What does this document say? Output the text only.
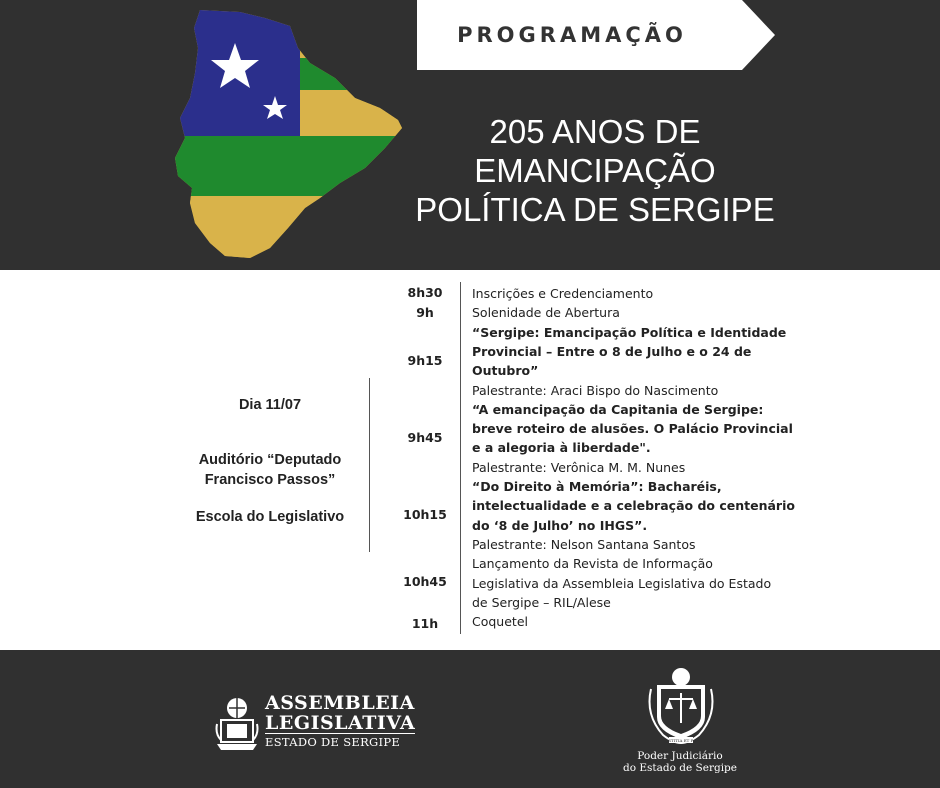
PROGRAMAÇÃO
205 ANOS DE
EMANCIPAÇÃO
POLÍTICA DE SERGIPE
Dia 11/07
Auditório “Deputado
Francisco Passos”
Escola do Legislativo
8h30
9h
9h15
9h45
10h15
10h45
11h
Inscrições e Credenciamento
Solenidade de Abertura
“Sergipe: Emancipação Política e Identidade
Provincial – Entre o 8 de Julho e o 24 de
Outubro”
Palestrante: Araci Bispo do Nascimento
“A emancipação da Capitania de Sergipe:
breve roteiro de alusões. O Palácio Provincial
e a alegoria à liberdade".
Palestrante: Verônica M. M. Nunes
“Do Direito à Memória”: Bacharéis,
intelectualidade e a celebração do centenário
do ‘8 de Julho’ no IHGS”.
Palestrante: Nelson Santana Santos
Lançamento da Revista de Informação
Legislativa da Assembleia Legislativa do Estado
de Sergipe – RIL/Alese
Coquetel
ASSEMBLEIA
LEGISLATIVA
ESTADO DE SERGIPE	JUSTITIA ET PAX
Poder Judiciário
do Estado de Sergipe
